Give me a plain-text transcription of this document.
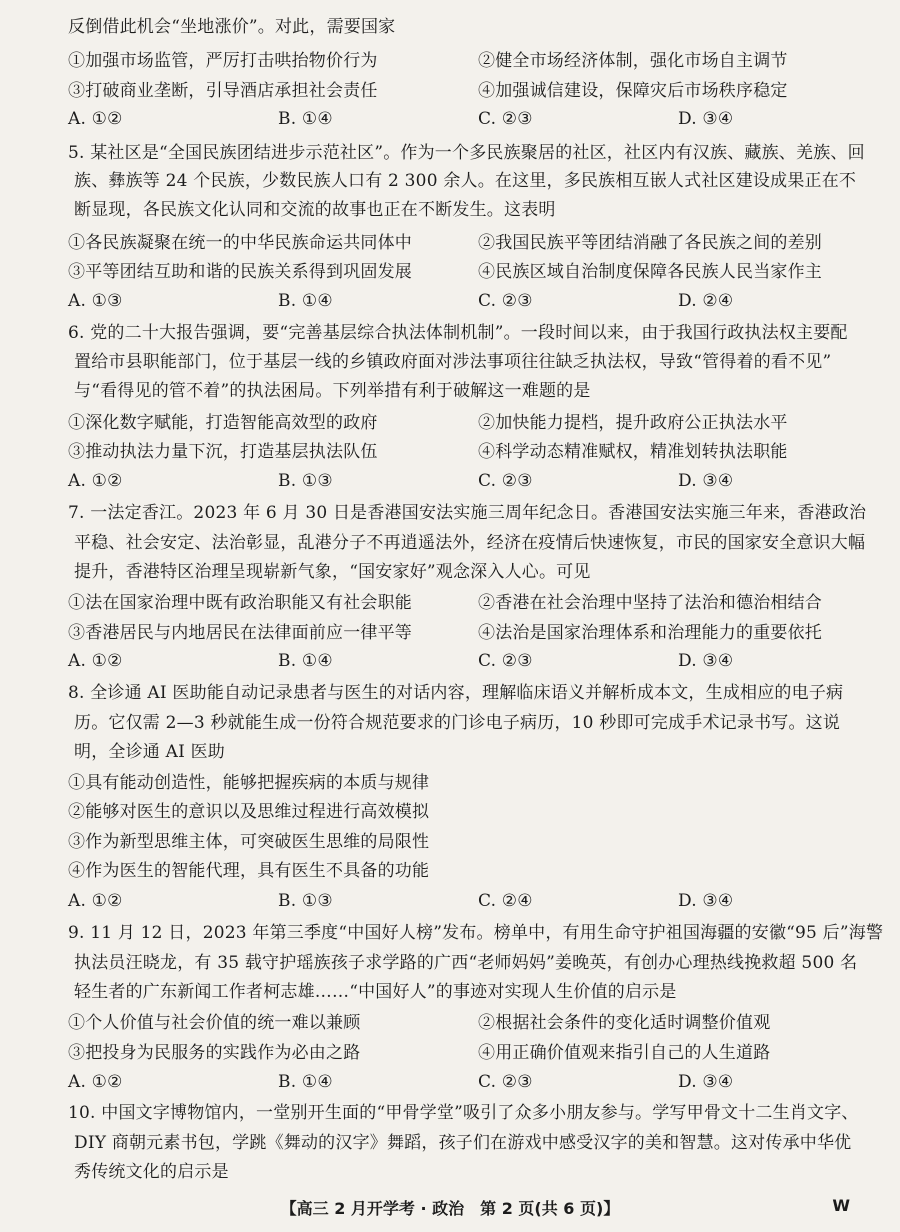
反倒借此机会“坐地涨价”。对此，需要国家
①加强市场监管，严厉打击哄抬物价行为	②健全市场经济体制，强化市场自主调节
③打破商业垄断，引导酒店承担社会责任	④加强诚信建设，保障灾后市场秩序稳定
A. ①②	B. ①④	C. ②③	D. ③④
5. 某社区是“全国民族团结进步示范社区”。作为一个多民族聚居的社区，社区内有汉族、藏族、羌族、回
族、彝族等 24 个民族，少数民族人口有 2 300 余人。在这里，多民族相互嵌人式社区建设成果正在不
断显现，各民族文化认同和交流的故事也正在不断发生。这表明
①各民族凝聚在统一的中华民族命运共同体中	②我国民族平等团结消融了各民族之间的差别
③平等团结互助和谐的民族关系得到巩固发展	④民族区域自治制度保障各民族人民当家作主
A. ①③	B. ①④	C. ②③	D. ②④
6. 党的二十大报告强调，要“完善基层综合执法体制机制”。一段时间以来，由于我国行政执法权主要配
置给市县职能部门，位于基层一线的乡镇政府面对涉法事项往往缺乏执法权，导致“管得着的看不见”
与“看得见的管不着”的执法困局。下列举措有利于破解这一难题的是
①深化数字赋能，打造智能高效型的政府	②加快能力提档，提升政府公正执法水平
③推动执法力量下沉，打造基层执法队伍	④科学动态精准赋权，精准划转执法职能
A. ①②	B. ①③	C. ②③	D. ③④
7. 一法定香江。2023 年 6 月 30 日是香港国安法实施三周年纪念日。香港国安法实施三年来，香港政治
平稳、社会安定、法治彰显，乱港分子不再逍遥法外，经济在疫情后快速恢复，市民的国家安全意识大幅
提升，香港特区治理呈现崭新气象，“国安家好”观念深入人心。可见
①法在国家治理中既有政治职能又有社会职能	②香港在社会治理中坚持了法治和德治相结合
③香港居民与内地居民在法律面前应一律平等	④法治是国家治理体系和治理能力的重要依托
A. ①②	B. ①④	C. ②③	D. ③④
8. 全诊通 AI 医助能自动记录患者与医生的对话内容，理解临床语义并解析成本文，生成相应的电子病
历。它仅需 2—3 秒就能生成一份符合规范要求的门诊电子病历，10 秒即可完成手术记录书写。这说
明，全诊通 AI 医助
①具有能动创造性，能够把握疾病的本质与规律
②能够对医生的意识以及思维过程进行高效模拟
③作为新型思维主体，可突破医生思维的局限性
④作为医生的智能代理，具有医生不具备的功能
A. ①②	B. ①③	C. ②④	D. ③④
9. 11 月 12 日，2023 年第三季度“中国好人榜”发布。榜单中，有用生命守护祖国海疆的安徽“95 后”海警
执法员汪晓龙，有 35 载守护瑶族孩子求学路的广西“老师妈妈”姜晚英，有创办心理热线挽救超 500 名
轻生者的广东新闻工作者柯志雄……“中国好人”的事迹对实现人生价值的启示是
①个人价值与社会价值的统一难以兼顾	②根据社会条件的变化适时调整价值观
③把投身为民服务的实践作为必由之路	④用正确价值观来指引自己的人生道路
A. ①②	B. ①④	C. ②③	D. ③④
10. 中国文字博物馆内，一堂别开生面的“甲骨学堂”吸引了众多小朋友参与。学写甲骨文十二生肖文字、
DIY 商朝元素书包，学跳《舞动的汉字》舞蹈，孩子们在游戏中感受汉字的美和智慧。这对传承中华优
秀传统文化的启示是
【高三 2 月开学考 · 政治　第 2 页(共 6 页)】	W
